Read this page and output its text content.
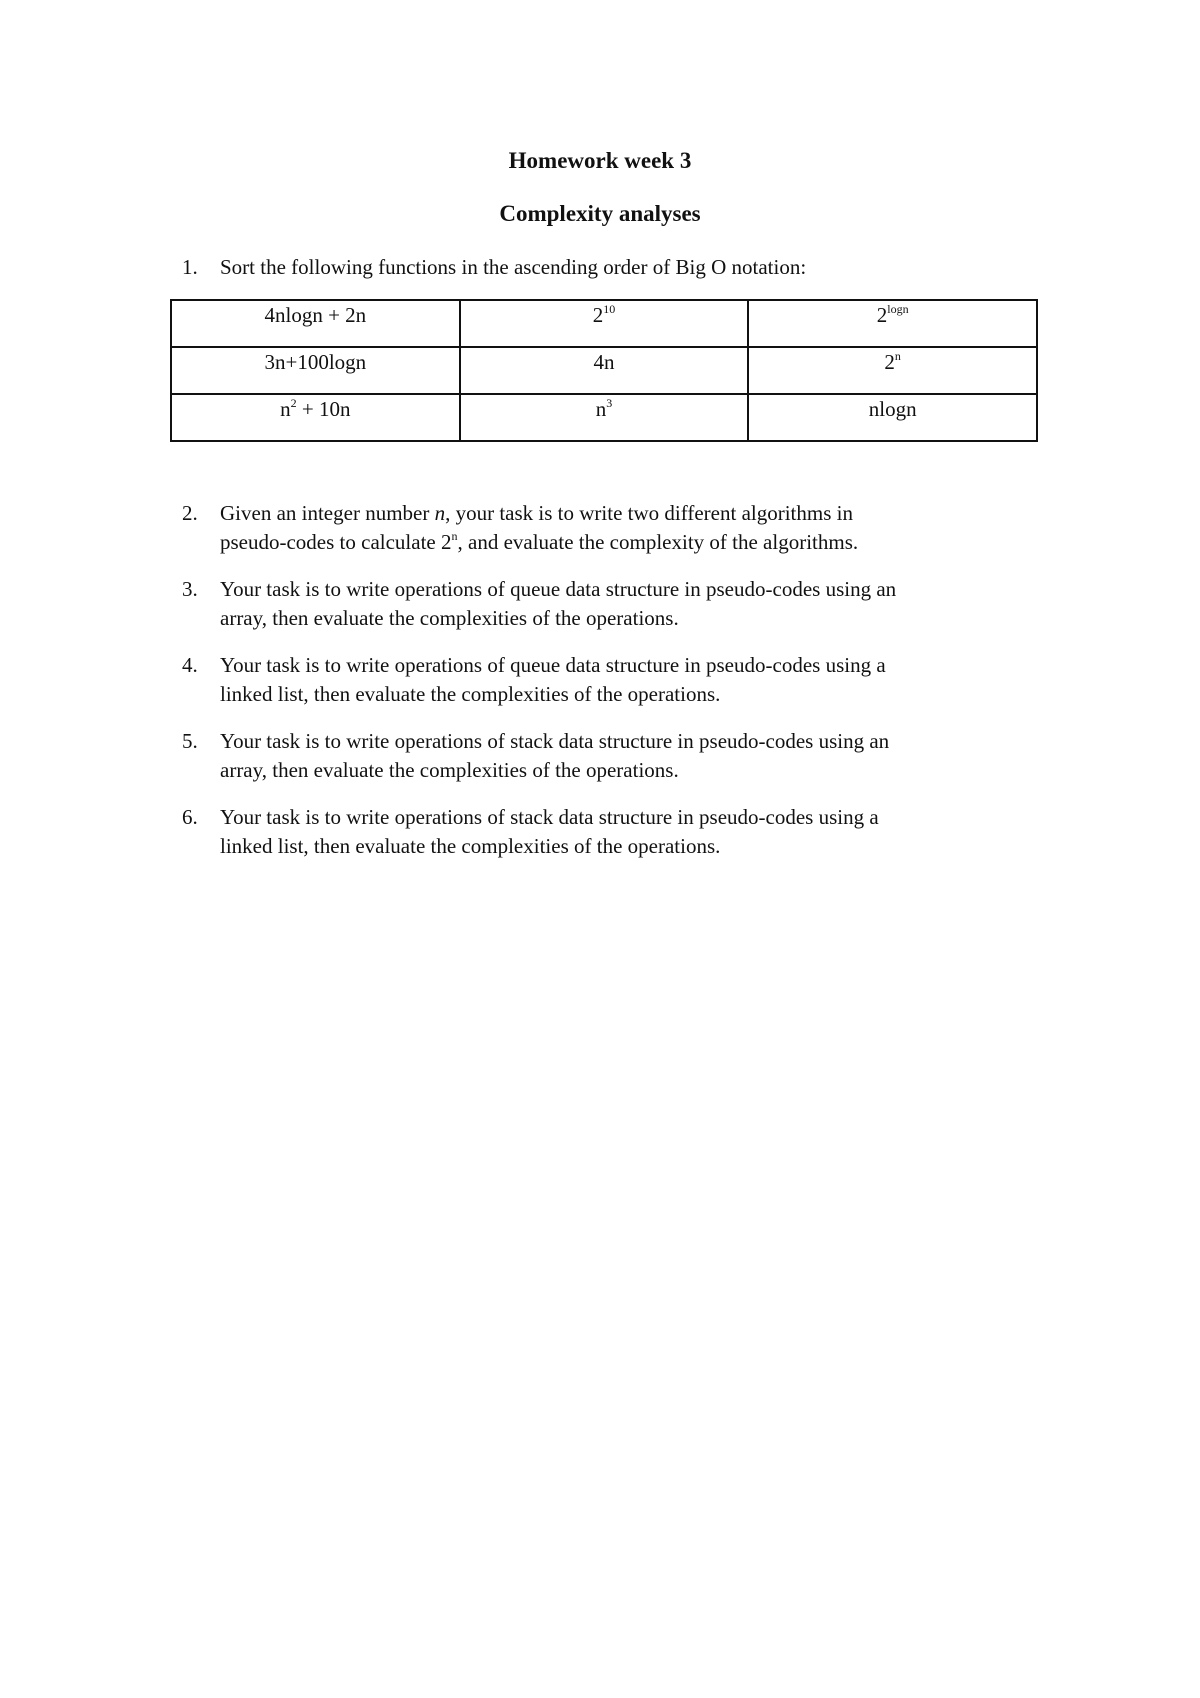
Homework week 3
Complexity analyses
1.	Sort the following functions in the ascending order of Big O notation:
4nlogn + 2n	$2^{10}$	$2^{logn}$
3n+100logn	4n	2$^n$
$n^2 + 10n$	$n^3$	nlogn
2.	Given an integer number n, your task is to write two different algorithms in
pseudo-codes to calculate 2$^n$, and evaluate the complexity of the algorithms.
3.	Your task is to write operations of queue data structure in pseudo-codes using an
array, then evaluate the complexities of the operations.
4.	Your task is to write operations of queue data structure in pseudo-codes using a
linked list, then evaluate the complexities of the operations.
5.	Your task is to write operations of stack data structure in pseudo-codes using an
array, then evaluate the complexities of the operations.
6.	Your task is to write operations of stack data structure in pseudo-codes using a
linked list, then evaluate the complexities of the operations.
